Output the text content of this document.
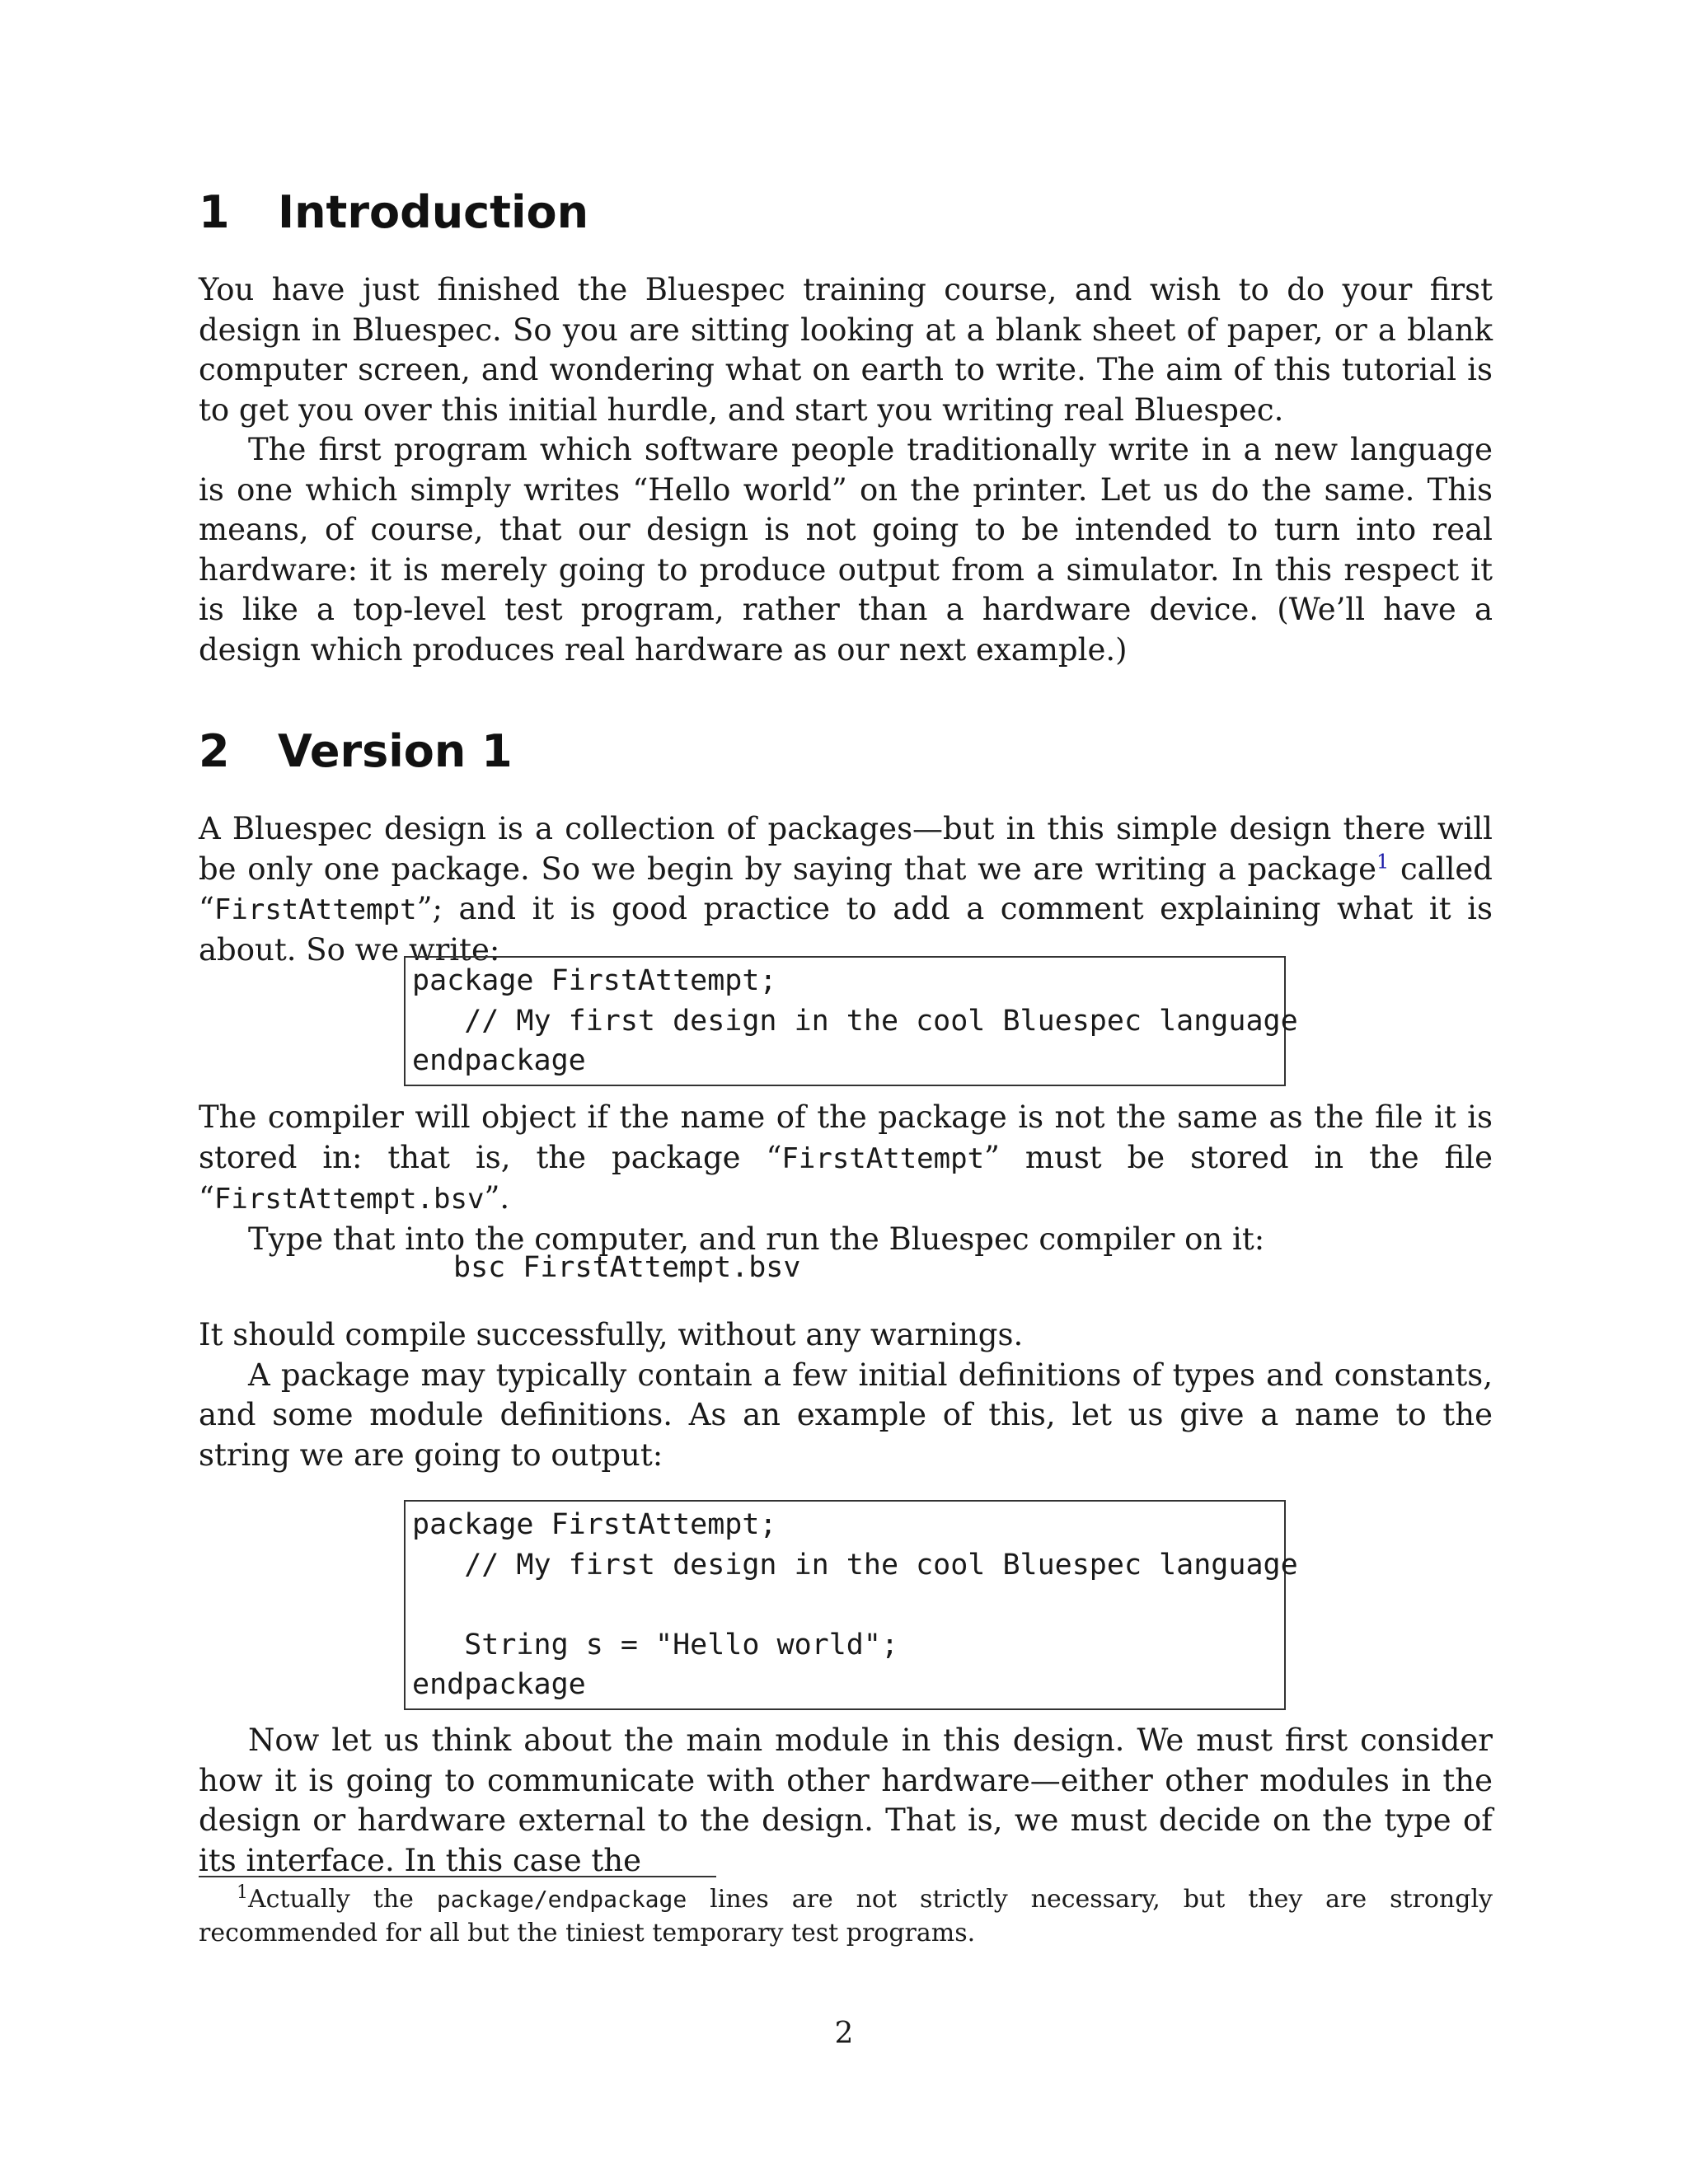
1 Introduction

You have just finished the Bluespec training course, and wish to do your first design in Bluespec. So you are sitting looking at a blank sheet of paper, or a blank computer screen, and wondering what on earth to write. The aim of this tutorial is to get you over this initial hurdle, and start you writing real Bluespec.

The first program which software people traditionally write in a new language is one which simply writes “Hello world” on the printer. Let us do the same. This means, of course, that our design is not going to be intended to turn into real hardware: it is merely going to produce output from a simulator. In this respect it is like a top-level test program, rather than a hardware device. (We’ll have a design which produces real hardware as our next example.)

2 Version 1

A Bluespec design is a collection of packages—but in this simple design there will be only one package. So we begin by saying that we are writing a package$^1$ called “FirstAttempt”; and it is good practice to add a comment explaining what it is about. So we write:

package FirstAttempt;
// My first design in the cool Bluespec language
endpackage

The compiler will object if the name of the package is not the same as the file it is stored in: that is, the package “FirstAttempt” must be stored in the file “FirstAttempt.bsv”.

Type that into the computer, and run the Bluespec compiler on it:

bsc FirstAttempt.bsv

It should compile successfully, without any warnings.

A package may typically contain a few initial definitions of types and constants, and some module definitions. As an example of this, let us give a name to the string we are going to output:

package FirstAttempt;
// My first design in the cool Bluespec language
String s = "Hello world";
endpackage

Now let us think about the main module in this design. We must first consider how it is going to communicate with other hardware—either other modules in the design or hardware external to the design. That is, we must decide on the type of its interface. In this case the

$^1$Actually the package/endpackage lines are not strictly necessary, but they are strongly recommended for all but the tiniest temporary test programs.
2
